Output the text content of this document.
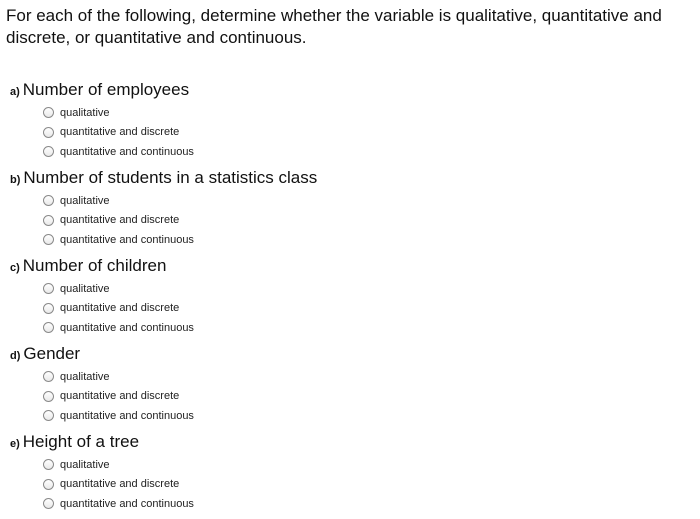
For each of the following, determine whether the variable is qualitative, quantitative and discrete, or quantitative and continuous.

a) Number of employees
qualitative
quantitative and discrete
quantitative and continuous
b) Number of students in a statistics class
qualitative
quantitative and discrete
quantitative and continuous
c) Number of children
qualitative
quantitative and discrete
quantitative and continuous
d) Gender
qualitative
quantitative and discrete
quantitative and continuous
e) Height of a tree
qualitative
quantitative and discrete
quantitative and continuous
